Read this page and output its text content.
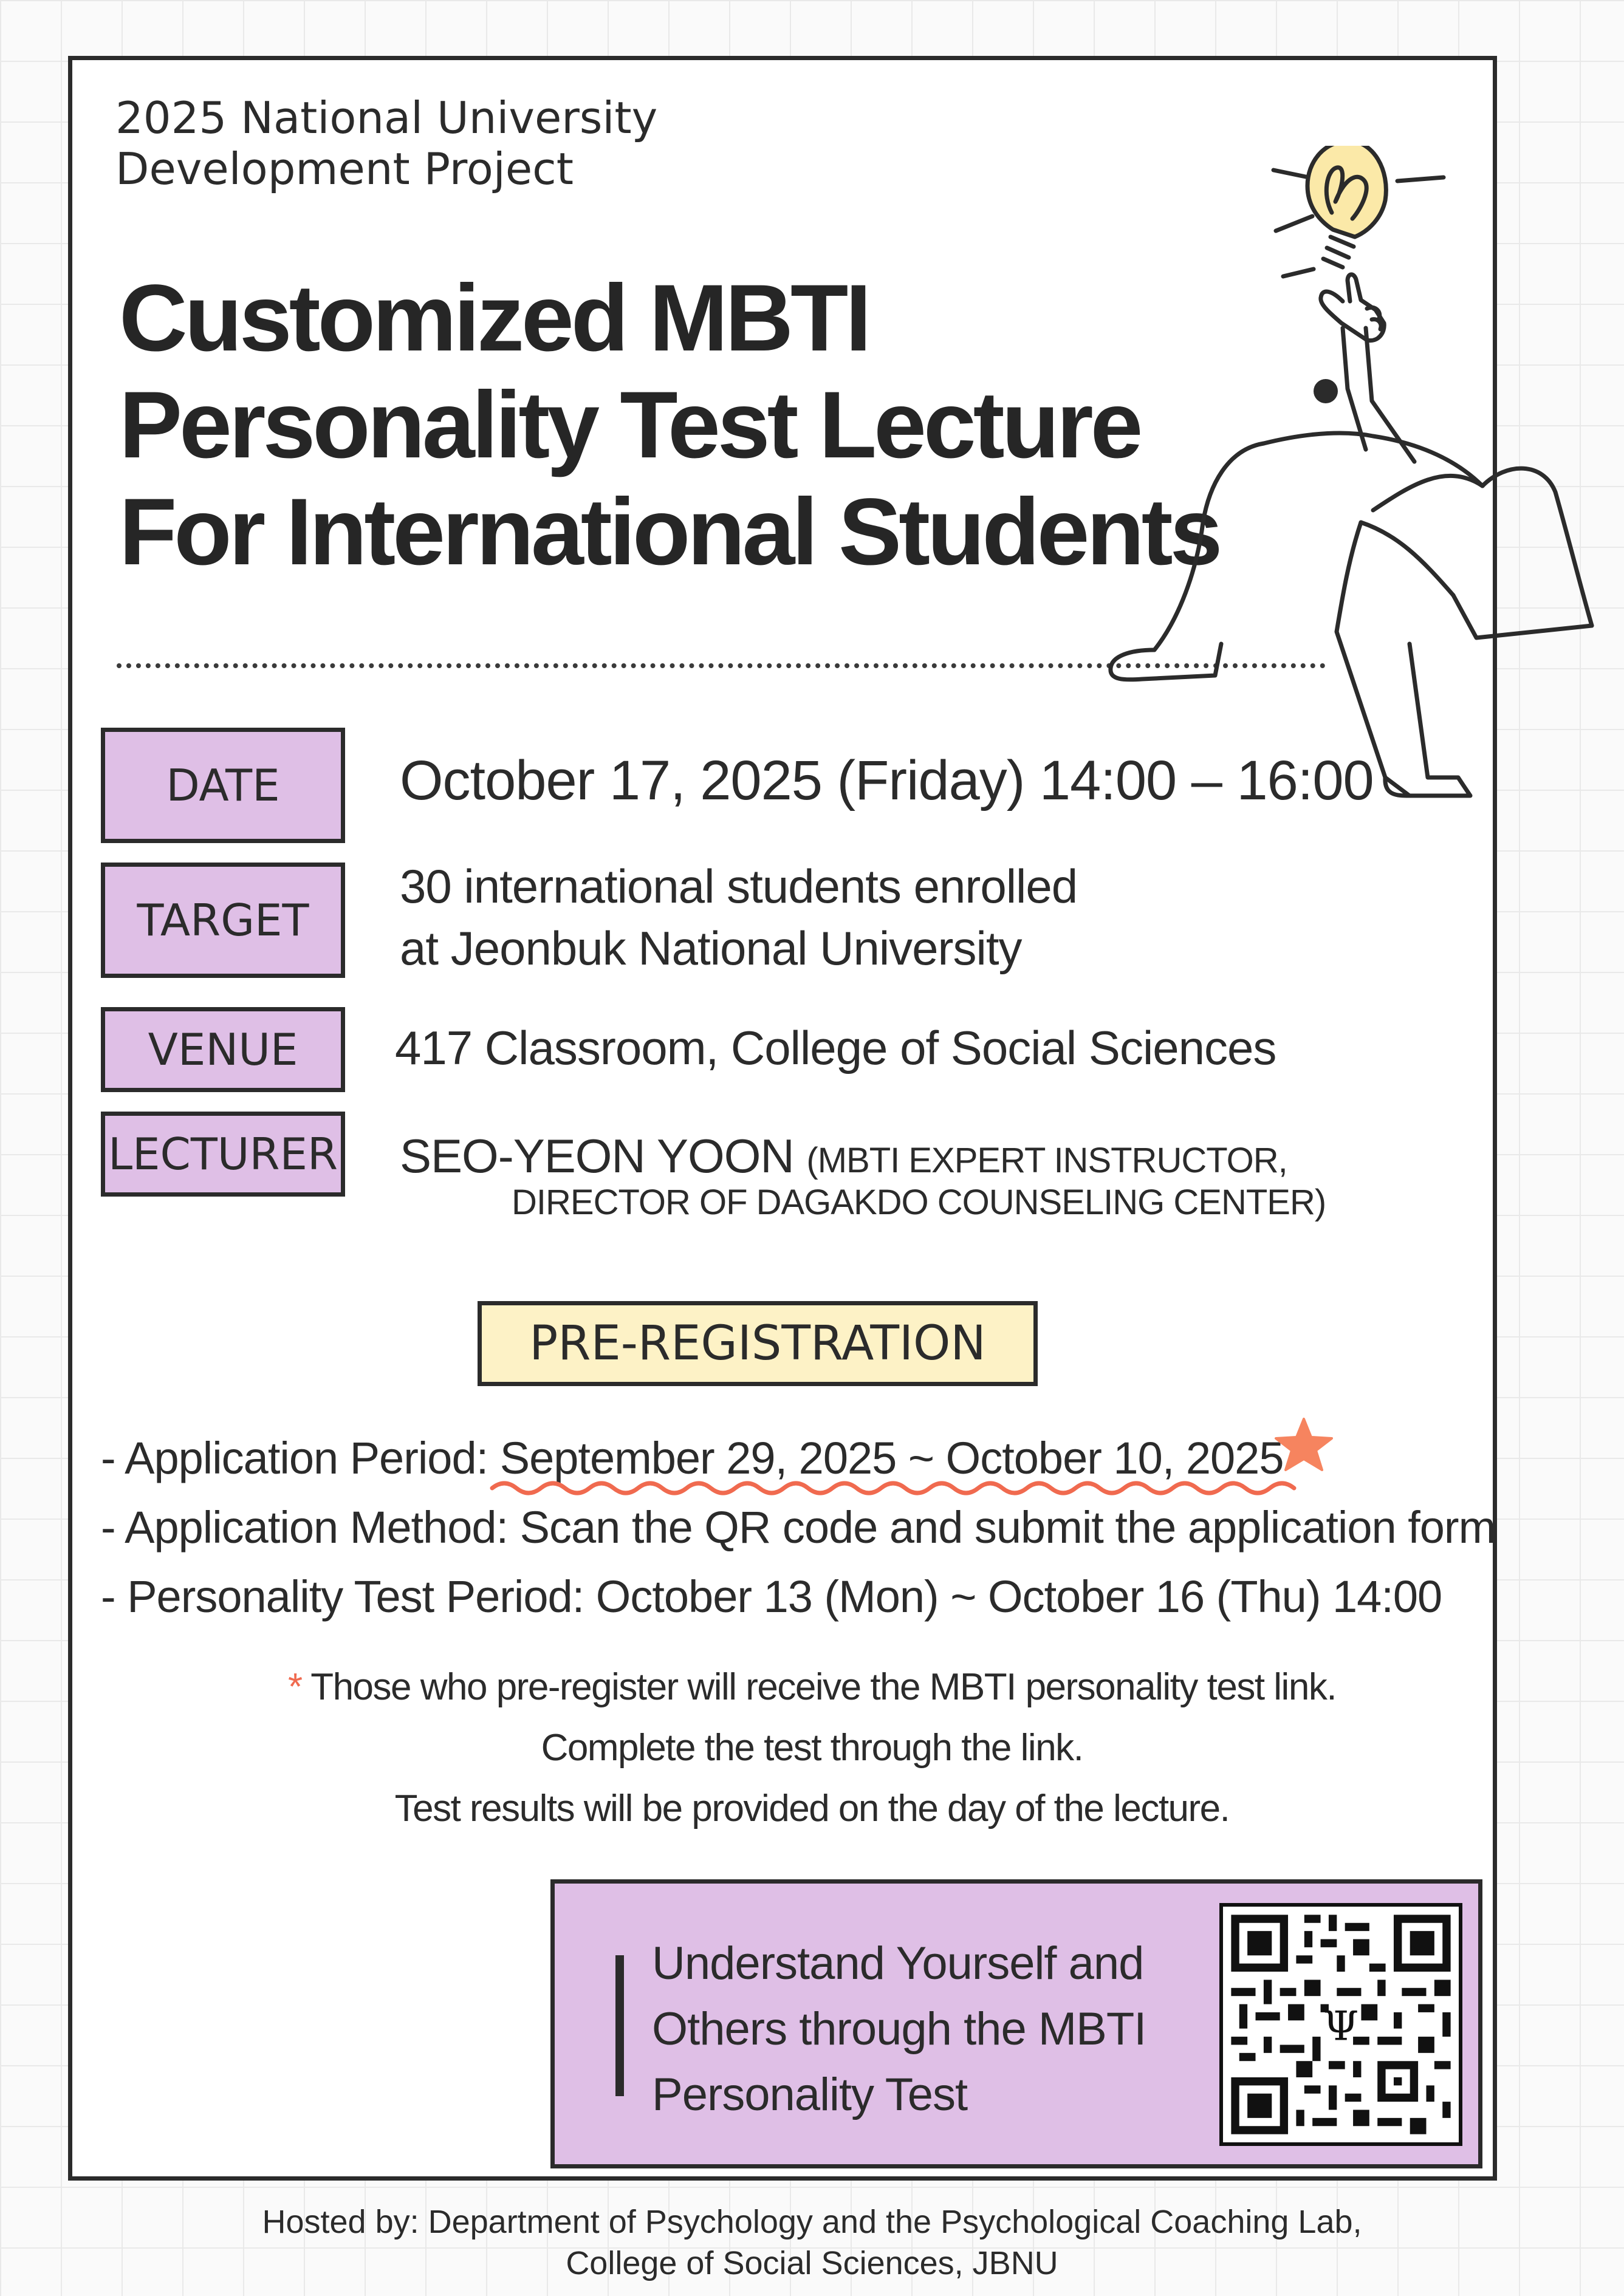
2025 National University
Development Project
Customized MBTI
Personality Test Lecture
For International Students
DATE October 17, 2025 (Friday) 14:00 – 16:00
TARGET
30 international students enrolled
at Jeonbuk National University
VENUE 417 Classroom, College of Social Sciences
LECTURER SEO-YEON YOON (MBTI EXPERT INSTRUCTOR,
DIRECTOR OF DAGAKDO COUNSELING CENTER)
PRE-REGISTRATION
- Application Period: September 29, 2025 ~ October 10, 2025
- Application Method: Scan the QR code and submit the application form
- Personality Test Period: October 13 (Mon) ~ October 16 (Thu) 14:00
* Those who pre-register will receive the MBTI personality test link.
Complete the test through the link.
Test results will be provided on the day of the lecture.
Understand Yourself and
Others through the MBTI
Personality Test
Ψ
Hosted by: Department of Psychology and the Psychological Coaching Lab,
College of Social Sciences, JBNU
